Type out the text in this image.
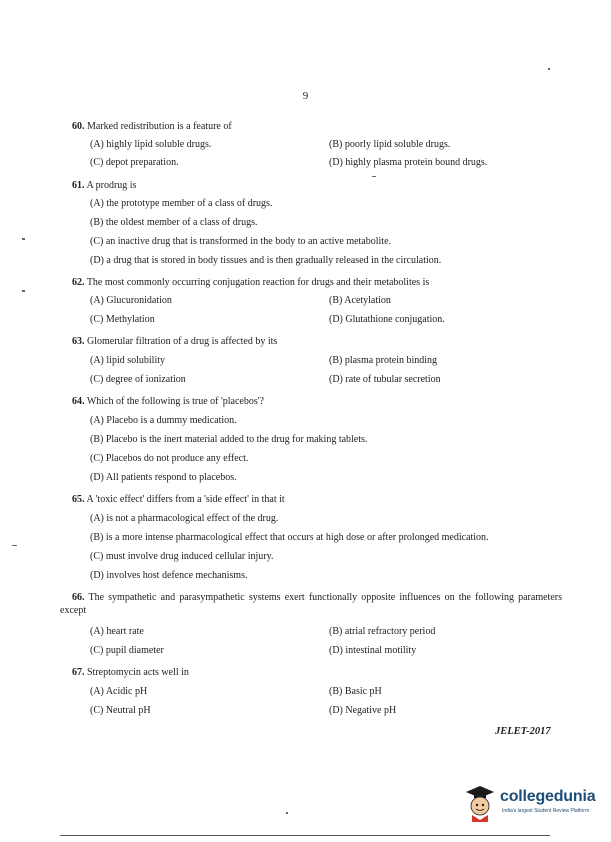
9
60. Marked redistribution is a feature of
(A) highly lipid soluble drugs.	(B) poorly lipid soluble drugs.
(C) depot preparation.	(D) highly plasma protein bound drugs.
61. A prodrug is
(A) the prototype member of a class of drugs.
(B) the oldest member of a class of drugs.
(C) an inactive drug that is transformed in the body to an active metabolite.
(D) a drug that is stored in body tissues and is then gradually released in the circulation.
62. The most commonly occurring conjugation reaction for drugs and their metabolites is
(A) Glucuronidation	(B) Acetylation
(C) Methylation	(D) Glutathione conjugation.
63. Glomerular filtration of a drug is affected by its
(A) lipid solubility	(B) plasma protein binding
(C) degree of ionization	(D) rate of tubular secretion
64. Which of the following is true of 'placebos'?
(A) Placebo is a dummy medication.
(B) Placebo is the inert material added to the drug for making tablets.
(C) Placebos do not produce any effect.
(D) All patients respond to placebos.
65. A 'toxic effect' differs from a 'side effect' in that it
(A) is not a pharmacological effect of the drug.
(B) is a more intense pharmacological effect that occurs at high dose or after prolonged medication.
(C) must involve drug induced cellular injury.
(D) involves host defence mechanisms.
66. The sympathetic and parasympathetic systems exert functionally opposite influences on the following parameters except
(A) heart rate	(B) atrial refractory period
(C) pupil diameter	(D) intestinal motility
67. Streptomycin acts well in
(A) Acidic pH	(B) Basic pH
(C) Neutral pH	(D) Negative pH
JELET-2017
collegedunia
India's largest Student Review Platform
